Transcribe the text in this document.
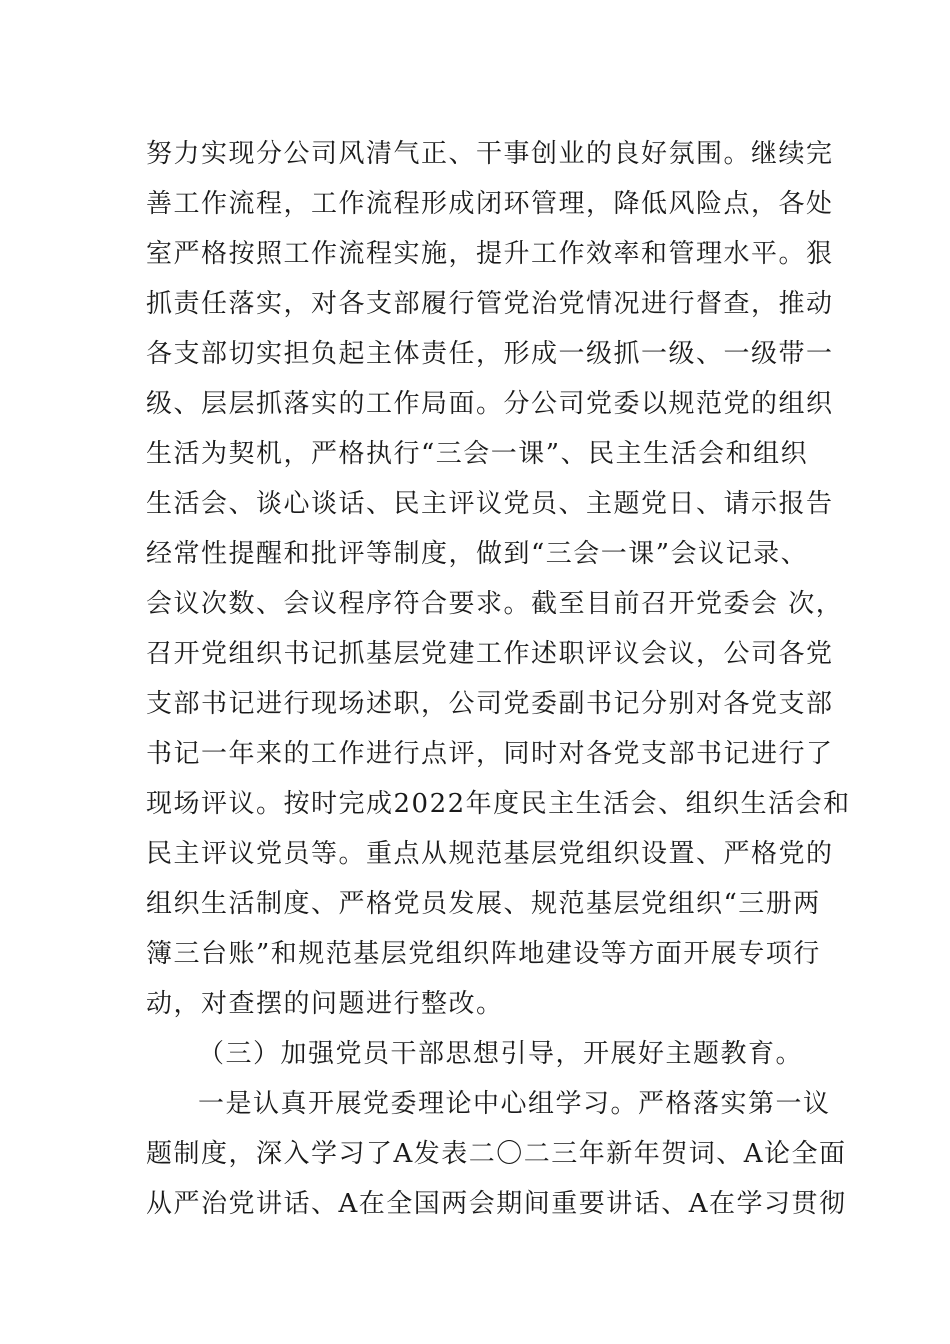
努力实现分公司风清气正、干事创业的良好氛围。继续完
善工作流程，工作流程形成闭环管理，降低风险点，各处
室严格按照工作流程实施，提升工作效率和管理水平。狠
抓责任落实，对各支部履行管党治党情况进行督查，推动
各支部切实担负起主体责任，形成一级抓一级、一级带一
级、层层抓落实的工作局面。分公司党委以规范党的组织
生活为契机，严格执行“三会一课”、民主生活会和组织
生活会、谈心谈话、民主评议党员、主题党日、请示报告
经常性提醒和批评等制度，做到“三会一课”会议记录、
会议次数、会议程序符合要求。截至目前召开党委会 次，
召开党组织书记抓基层党建工作述职评议会议，公司各党
支部书记进行现场述职，公司党委副书记分别对各党支部
书记一年来的工作进行点评，同时对各党支部书记进行了
现场评议。按时完成2022年度民主生活会、组织生活会和
民主评议党员等。重点从规范基层党组织设置、严格党的
组织生活制度、严格党员发展、规范基层党组织“三册两
簿三台账”和规范基层党组织阵地建设等方面开展专项行
动，对查摆的问题进行整改。
（三）加强党员干部思想引导，开展好主题教育。
一是认真开展党委理论中心组学习。严格落实第一议
题制度，深入学习了A发表二〇二三年新年贺词、A论全面
从严治党讲话、A在全国两会期间重要讲话、A在学习贯彻
